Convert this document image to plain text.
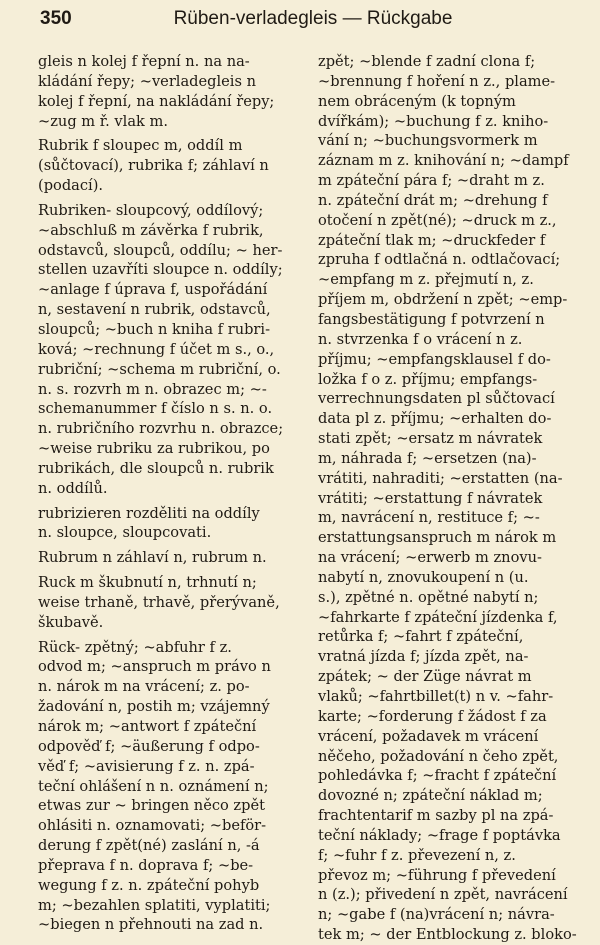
350	Rüben-verladegleis — Rückgabe
gleis n kolej f řepní n. na na-
kládání řepy; ~verladegleis n
kolej f řepní, na nakládání řepy;
~zug m ř. vlak m.
Rubrik f sloupec m, oddíl m
(sůčtovací), rubrika f; záhlaví n
(podací).
Rubriken- sloupcový, oddílový;
~abschluß m závěrka f rubrik,
odstavců, sloupců, oddílu; ~ her-
stellen uzavříti sloupce n. oddíly;
~anlage f úprava f, uspořádání
n, sestavení n rubrik, odstavců,
sloupců; ~buch n kniha f rubri-
ková; ~rechnung f účet m s., o.,
rubriční; ~schema m rubriční, o.
n. s. rozvrh m n. obrazec m; ~-
schemanummer f číslo n s. n. o.
n. rubričního rozvrhu n. obrazce;
~weise rubriku za rubrikou, po
rubrikách, dle sloupců n. rubrik
n. oddílů.
rubrizieren rozděliti na oddíly
n. sloupce, sloupcovati.
Rubrum n záhlaví n, rubrum n.
Ruck m škubnutí n, trhnutí n;
weise trhaně, trhavě, přerývaně,
škubavě.
Rück- zpětný; ~abfuhr f z.
odvod m; ~anspruch m právo n
n. nárok m na vrácení; z. po-
žadování n, postih m; vzájemný
nárok m; ~antwort f zpáteční
odpověď f; ~äußerung f odpo-
věď f; ~avisierung f z. n. zpá-
teční ohlášení n n. oznámení n;
etwas zur ~ bringen něco zpět
ohlásiti n. oznamovati; ~beför-
derung f zpět(né) zaslání n, -á
přeprava f n. doprava f; ~be-
wegung f z. n. zpáteční pohyb
m; ~bezahlen splatiti, vyplatiti;
~biegen n přehnouti na zad n.
zpět; ~blende f zadní clona f;
~brennung f hoření n z., plame-
nem obráceným (k topným
dvířkám); ~buchung f z. kniho-
vání n; ~buchungsvormerk m
záznam m z. knihování n; ~dampf
m zpáteční pára f; ~draht m z.
n. zpáteční drát m; ~drehung f
otočení n zpět(né); ~druck m z.,
zpáteční tlak m; ~druckfeder f
zpruha f odtlačná n. odtlačovací;
~empfang m z. přejmutí n, z.
příjem m, obdržení n zpět; ~emp-
fangsbestätigung f potvrzení n
n. stvrzenka f o vrácení n z.
příjmu; ~empfangsklausel f do-
ložka f o z. příjmu; empfangs-
verrechnungsdaten pl sůčtovací
data pl z. příjmu; ~erhalten do-
stati zpět; ~ersatz m návratek
m, náhrada f; ~ersetzen (na)-
vrátiti, nahraditi; ~erstatten (na-
vrátiti; ~erstattung f návratek
m, navrácení n, restituce f; ~-
erstattungsanspruch m nárok m
na vrácení; ~erwerb m znovu-
nabytí n, znovukoupení n (u.
s.), zpětné n. opětné nabytí n;
~fahrkarte f zpáteční jízdenka f,
retůrka f; ~fahrt f zpáteční,
vratná jízda f; jízda zpět, na-
zpátek; ~ der Züge návrat m
vlaků; ~fahrtbillet(t) n v. ~fahr-
karte; ~forderung f žádost f za
vrácení, požadavek m vrácení
něčeho, požadování n čeho zpět,
pohledávka f; ~fracht f zpáteční
dovozné n; zpáteční náklad m;
frachtentarif m sazby pl na zpá-
teční náklady; ~frage f poptávka
f; ~fuhr f z. převezení n, z.
převoz m; ~führung f převedení
n (z.); přivedení n zpět, navrácení
n; ~gabe f (na)vrácení n; návra-
tek m; ~ der Entblockung z. bloko-
